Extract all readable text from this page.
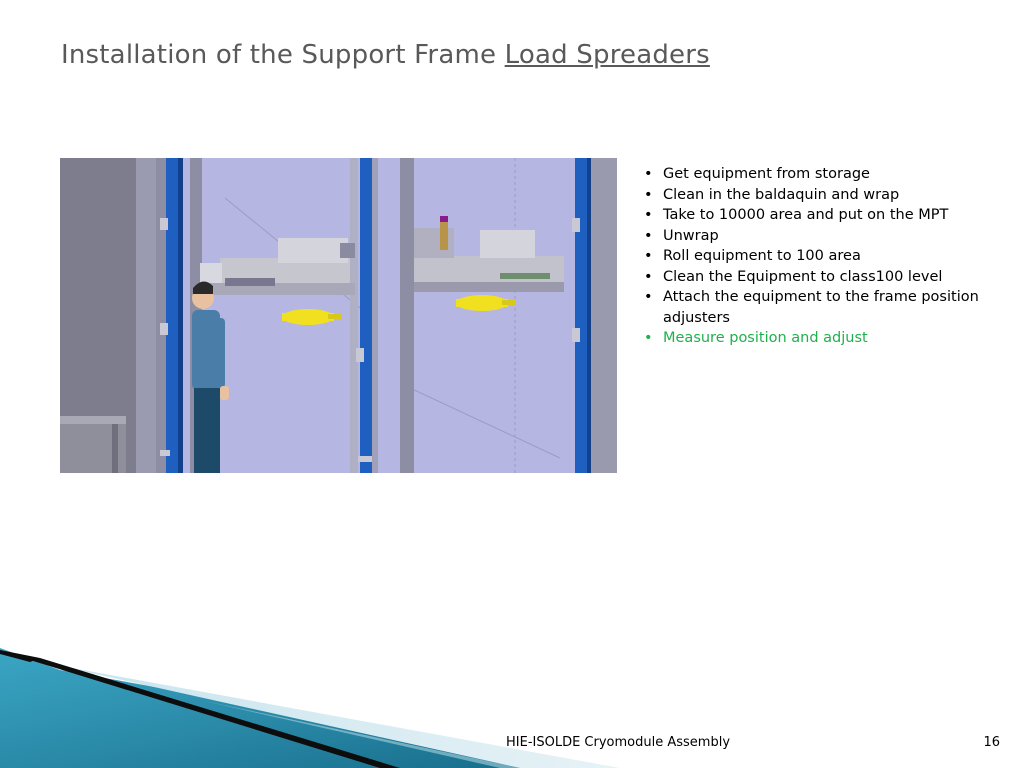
Installation of the Support Frame Load Spreaders
• Get equipment from storage
• Clean in the baldaquin and wrap
• Take to 10000 area and put on the MPT
• Unwrap
• Roll equipment to 100 area
• Clean the Equipment to class100 level
• Attach the equipment to the frame position adjusters
• Measure position and adjust
HIE-ISOLDE Cryomodule Assembly	16
